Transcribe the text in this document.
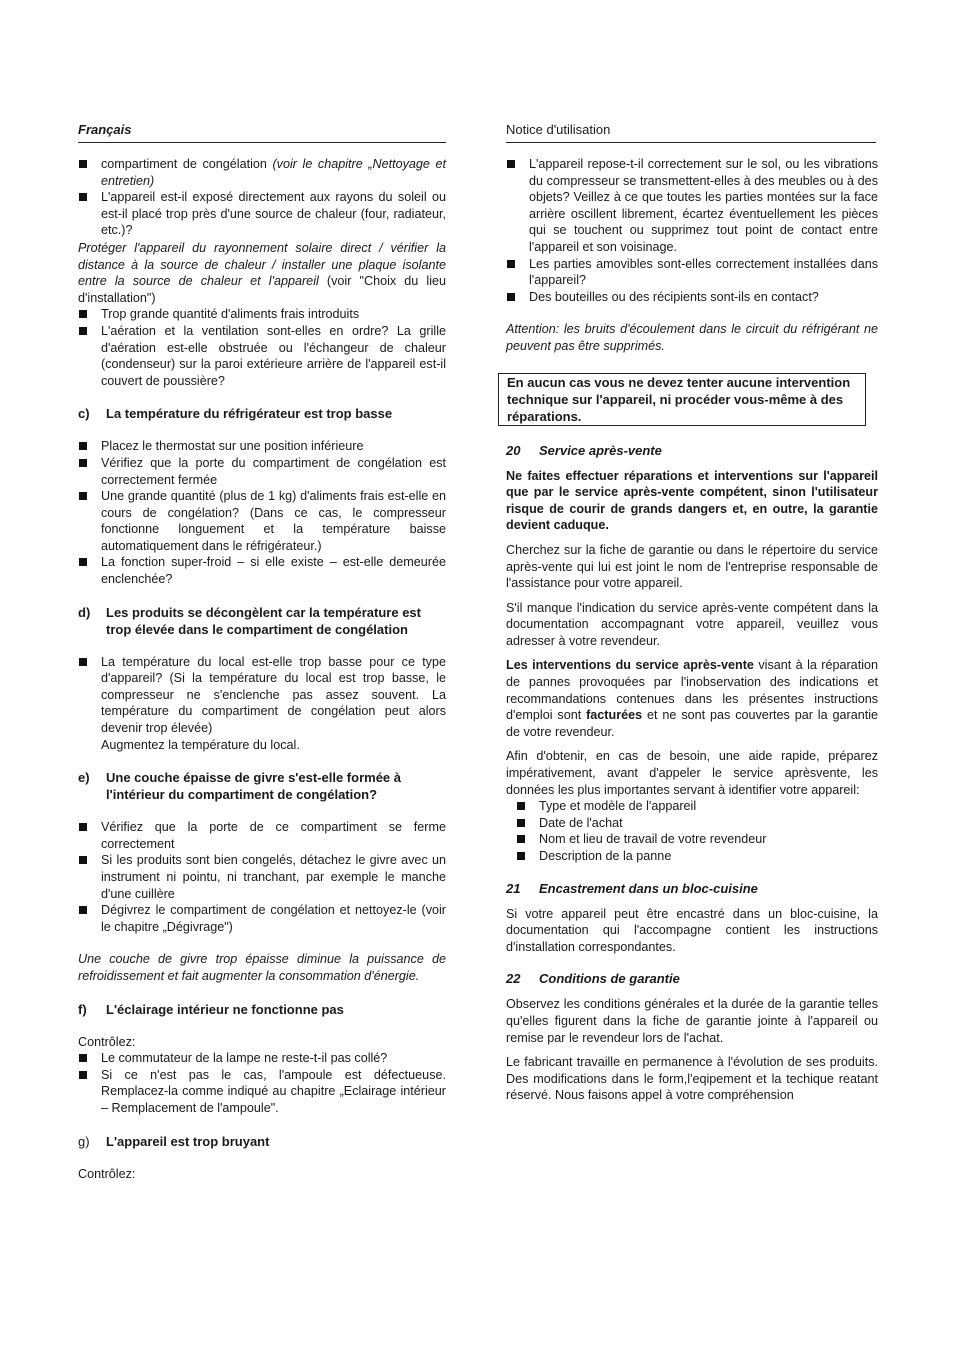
Français	Notice d'utilisation
compartiment de congélation (voir le chapitre „Nettoyage et entretien)
L'appareil est-il exposé directement aux rayons du soleil ou est-il placé trop près d'une source de chaleur (four, radiateur, etc.)?

Protéger l'appareil du rayonnement solaire direct / vérifier la distance à la source de chaleur / installer une plaque isolante entre la source de chaleur et l'appareil (voir "Choix du lieu d'installation")

Trop grande quantité d'aliments frais introduits
L'aération et la ventilation sont-elles en ordre? La grille d'aération est-elle obstruée ou l'échangeur de chaleur (condenseur) sur la paroi extérieure arrière de l'appareil est-il couvert de poussière?
c)	La température du réfrigérateur est trop basse
Placez le thermostat sur une position inférieure
Vérifiez que la porte du compartiment de congélation est correctement fermée
Une grande quantité (plus de 1 kg) d'aliments frais est-elle en cours de congélation? (Dans ce cas, le compresseur fonctionne longuement et la température baisse automatiquement dans le réfrigérateur.)
La fonction super-froid – si elle existe – est-elle demeurée enclenchée?
d)	Les produits se décongèlent car la température est trop élevée dans le compartiment de congélation
La température du local est-elle trop basse pour ce type d'appareil? (Si la température du local est trop basse, le compresseur ne s'enclenche pas assez souvent. La température du compartiment de congélation peut alors devenir trop élevée)
Augmentez la température du local.
e)	Une couche épaisse de givre s'est-elle formée à l'intérieur du compartiment de congélation?
Vérifiez que la porte de ce compartiment se ferme correctement
Si les produits sont bien congelés, détachez le givre avec un instrument ni pointu, ni tranchant, par exemple le manche d'une cuillère
Dégivrez le compartiment de congélation et nettoyez-le (voir le chapitre „Dégivrage")

Une couche de givre trop épaisse diminue la puissance de refroidissement et fait augmenter la consommation d'énergie.

f)	L'éclairage intérieur ne fonctionne pas

Contrôlez:

Le commutateur de la lampe ne reste-t-il pas collé?
Si ce n'est pas le cas, l'ampoule est défectueuse. Remplacez-la comme indiqué au chapitre „Eclairage intérieur – Remplacement de l'ampoule".
g)	L'appareil est trop bruyant

Contrôlez:

L'appareil repose-t-il correctement sur le sol, ou les vibrations du compresseur se transmettent-elles à des meubles ou à des objets? Veillez à ce que toutes les parties montées sur la face arrière oscillent librement, écartez éventuellement les pièces qui se touchent ou supprimez tout point de contact entre l'appareil et son voisinage.
Les parties amovibles sont-elles correctement installées dans l'appareil?
Des bouteilles ou des récipients sont-ils en contact?

Attention: les bruits d'écoulement dans le circuit du réfrigérant ne peuvent pas être supprimés.

En aucun cas vous ne devez tenter aucune intervention technique sur l'appareil, ni procéder vous-même à des réparations.
20	Service après-vente

Ne faites effectuer réparations et interventions sur l'appareil que par le service après-vente compétent, sinon l'utilisateur risque de courir de grands dangers et, en outre, la garantie devient caduque.

Cherchez sur la fiche de garantie ou dans le répertoire du service après-vente qui lui est joint le nom de l'entreprise responsable de l'assistance pour votre appareil.

S'il manque l'indication du service après-vente compétent dans la documentation accompagnant votre appareil, veuillez vous adresser à votre revendeur.

Les interventions du service après-vente visant à la réparation de pannes provoquées par l'inobservation des indications et recommandations contenues dans les présentes instructions d'emploi sont facturées et ne sont pas couvertes par la garantie de votre revendeur.

Afin d'obtenir, en cas de besoin, une aide rapide, préparez impérativement, avant d'appeler le service aprèsvente, les données les plus importantes servant à identifier votre appareil:

Type et modèle de l'appareil
Date de l'achat
Nom et lieu de travail de votre revendeur
Description de la panne
21	Encastrement dans un bloc-cuisine

Si votre appareil peut être encastré dans un bloc-cuisine, la documentation qui l'accompagne contient les instructions d'installation correspondantes.

22	Conditions de garantie

Observez les conditions générales et la durée de la garantie telles qu'elles figurent dans la fiche de garantie jointe à l'appareil ou remise par le revendeur lors de l'achat.

Le fabricant travaille en permanence à l'évolution de ses produits. Des modifications dans le form,l'eqipement et la techique reatant réservé. Nous faisons appel à votre compréhension
